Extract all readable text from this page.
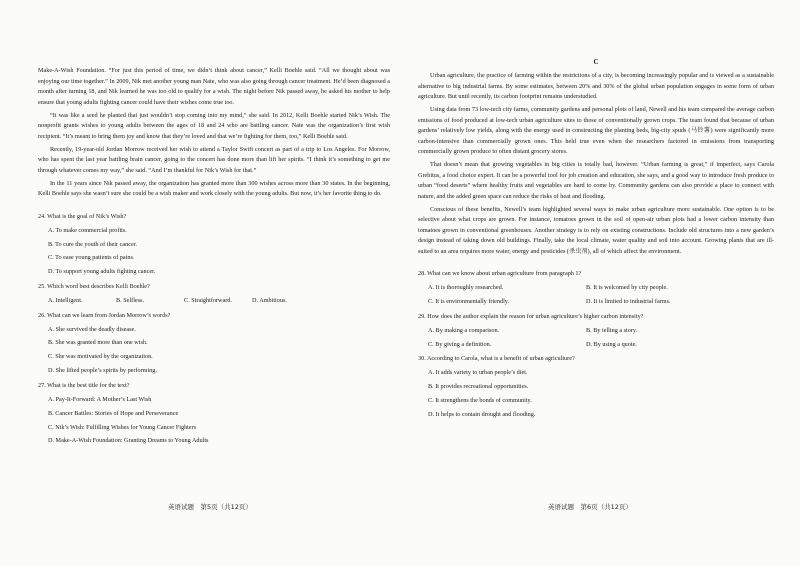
Make-A-Wish Foundation. “For just this period of time, we didn’t think about cancer,” Kelli Boehle said. “All we thought about was enjoying our time together.” In 2009, Nik met another young man Nate, who was also going through cancer treatment. He’d been diagnosed a month after turning 18, and Nik learned he was too old to qualify for a wish. The night before Nik passed away, he asked his mother to help ensure that young adults fighting cancer could have their wishes come true too.

“It was like a seed he planted that just wouldn’t stop coming into my mind,” she said. In 2012, Kelli Boehle started Nik’s Wish. The nonprofit grants wishes to young adults between the ages of 18 and 24 who are battling cancer. Nate was the organization’s first wish recipient. “It’s meant to bring them joy and know that they’re loved and that we’re fighting for them, too,” Kelli Boehle said.

Recently, 19-year-old Jordan Morrow received her wish to attend a Taylor Swift concert as part of a trip to Los Angeles. For Morrow, who has spent the last year battling brain cancer, going to the concert has done more than lift her spirits. “I think it’s something to get me through whatever comes my way,” she said. “And I’m thankful for Nik’s Wish for that.”

In the 11 years since Nik passed away, the organization has granted more than 300 wishes across more than 30 states. In the beginning, Kelli Boehle says she wasn’t sure she could be a wish maker and work closely with the young adults. But now, it’s her favorite thing to do.

24. What is the goal of Nik’s Wish?
A. To make commercial profits.
B. To cure the youth of their cancer.
C. To ease young patients of pains.
D. To support young adults fighting cancer.
25. Which word best describes Kelli Boehle?
A. Intelligent.	B. Selfless.	C. Straightforward.	D. Ambitious.
26. What can we learn from Jordan Morrow’s words?
A. She survived the deadly disease.
B. She was granted more than one wish.
C. She was motivated by the organization.
D. She lifted people’s spirits by performing.
27. What is the best title for the text?
A. Pay-It-Forward: A Mother’s Last Wish
B. Cancer Battles: Stories of Hope and Perseverance
C. Nik’s Wish: Fulfilling Wishes for Young Cancer Fighters
D. Make-A-Wish Foundation: Granting Dreams to Young Adults
英语试题　第5页（共12页）
C

Urban agriculture, the practice of farming within the restrictions of a city, is becoming increasingly popular and is viewed as a sustainable alternative to big industrial farms. By some estimates, between 20% and 30% of the global urban population engages in some form of urban agriculture. But until recently, its carbon footprint remains understudied.

Using data from 73 low-tech city farms, community gardens and personal plots of land, Newell and his team compared the average carbon emissions of food produced at low-tech urban agriculture sites to those of conventionally grown crops. The team found that because of urban gardens’ relatively low yields, along with the energy used in constructing the planting beds, big-city spuds (马铃薯) were significantly more carbon-intensive than commercially grown ones. This held true even when the researchers factored in emissions from transporting commercially grown produce to often distant grocery stores.

That doesn’t mean that growing vegetables in big cities is totally bad, however. “Urban farming is great,” if imperfect, says Carola Grebitus, a food choice expert. It can be a powerful tool for job creation and education, she says, and a good way to introduce fresh produce to urban “food deserts” where healthy fruits and vegetables are hard to come by. Community gardens can also provide a place to connect with nature, and the added green space can reduce the risks of heat and flooding.

Conscious of these benefits, Newell’s team highlighted several ways to make urban agriculture more sustainable. One option is to be selective about what crops are grown. For instance, tomatoes grown in the soil of open-air urban plots had a lower carbon intensity than tomatoes grown in conventional greenhouses. Another strategy is to rely on existing constructions. Include old structures into a new garden’s design instead of taking down old buildings. Finally, take the local climate, water quality and soil into account. Growing plants that are ill-suited to an area requires more water, energy and pesticides (杀虫剂), all of which affect the environment.

28. What can we know about urban agriculture from paragraph 1?
A. It is thoroughly researched.	B. It is welcomed by city people.
C. It is environmentally friendly.	D. It is limited to industrial farms.
29. How does the author explain the reason for urban agriculture’s higher carbon intensity?
A. By making a comparison.	B. By telling a story.
C. By giving a definition.	D. By using a quote.
30. According to Carola, what is a benefit of urban agriculture?
A. It adds variety to urban people’s diet.
B. It provides recreational opportunities.
C. It strengthens the bonds of community.
D. It helps to contain drought and flooding.
英语试题　第6页（共12页）
